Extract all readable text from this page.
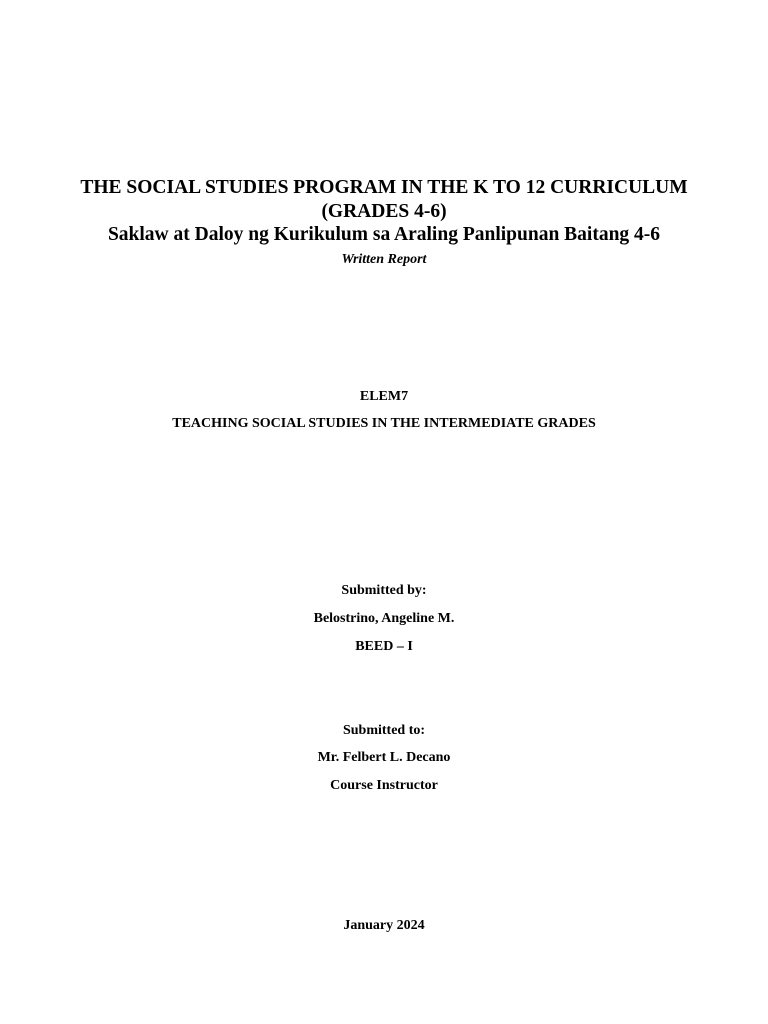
THE SOCIAL STUDIES PROGRAM IN THE K TO 12 CURRICULUM
(GRADES 4-6)
Saklaw at Daloy ng Kurikulum sa Araling Panlipunan Baitang 4-6
Written Report
ELEM7
TEACHING SOCIAL STUDIES IN THE INTERMEDIATE GRADES
Submitted by:
Belostrino, Angeline M.
BEED – I
Submitted to:
Mr. Felbert L. Decano
Course Instructor
January 2024
